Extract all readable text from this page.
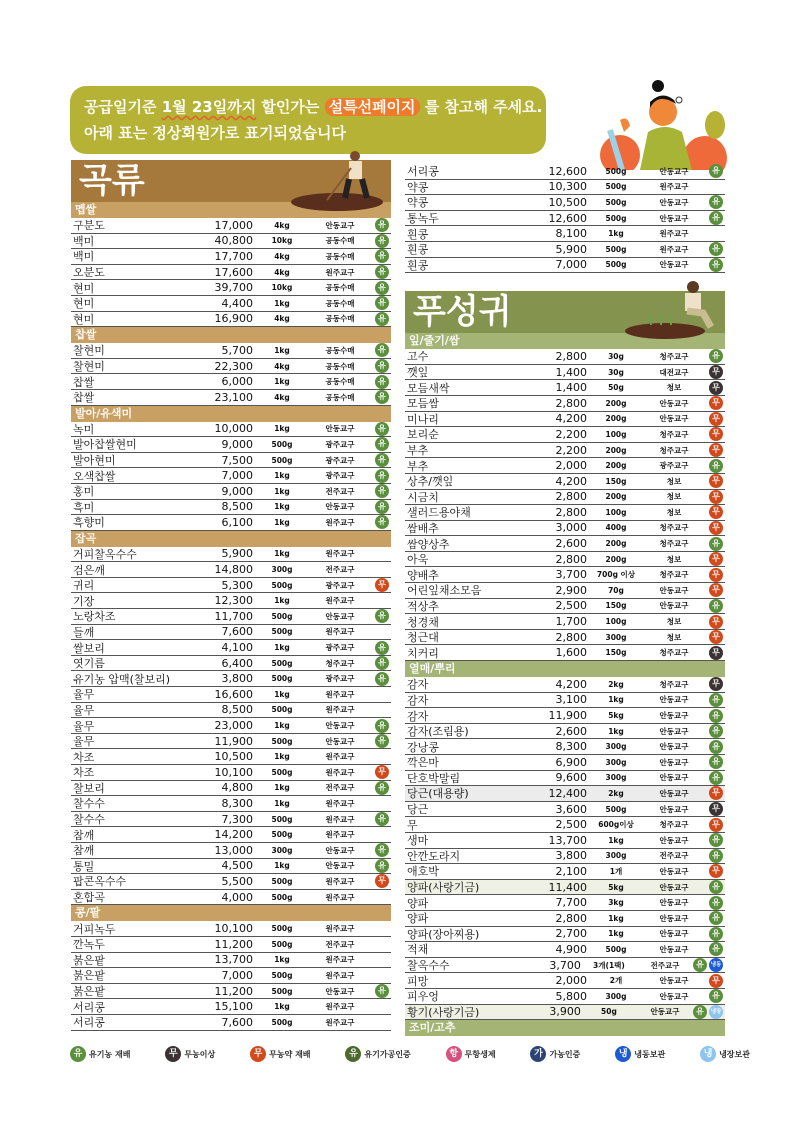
공급일기준 1월 23일까지 할인가는 설특선페이지 를 참고해 주세요.
아래 표는 정상회원가로 표기되었습니다
곡류
멥쌀
구분도	17,000	4kg	안동교구	유
백미	40,800	10kg	공동수매	유
백미	17,700	4kg	공동수매	유
오분도	17,600	4kg	원주교구	유
현미	39,700	10kg	공동수매	유
현미	4,400	1kg	공동수매	유
현미	16,900	4kg	공동수매	유
찹쌀
찰현미	5,700	1kg	공동수매	유
찰현미	22,300	4kg	공동수매	유
찹쌀	6,000	1kg	공동수매	유
찹쌀	23,100	4kg	공동수매	유
발아/유색미
녹미	10,000	1kg	안동교구	유
발아찹쌀현미	9,000	500g	광주교구	유
발아현미	7,500	500g	광주교구	유
오색찹쌀	7,000	1kg	광주교구	유
홍미	9,000	1kg	전주교구	유
흑미	8,500	1kg	안동교구	유
흑향미	6,100	1kg	원주교구	유
잡곡
거피찰옥수수	5,900	1kg	원주교구
검은깨	14,800	300g	전주교구
귀리	5,300	500g	광주교구	무
기장	12,300	1kg	원주교구
노랑차조	11,700	500g	안동교구	유
들깨	7,600	500g	원주교구
쌀보리	4,100	1kg	광주교구	유
엿기름	6,400	500g	청주교구	유
유기농 압맥(찰보리)	3,800	500g	광주교구	유
율무	16,600	1kg	원주교구
율무	8,500	500g	원주교구
율무	23,000	1kg	안동교구	유
율무	11,900	500g	안동교구	유
차조	10,500	1kg	원주교구
차조	10,100	500g	원주교구	무
찰보리	4,800	1kg	전주교구	유
찰수수	8,300	1kg	원주교구
찰수수	7,300	500g	원주교구	유
참깨	14,200	500g	원주교구
참깨	13,000	300g	안동교구	유
통밀	4,500	1kg	안동교구	유
팝콘옥수수	5,500	500g	원주교구	무
혼합곡	4,000	500g	원주교구
콩/팥
거피녹두	10,100	500g	원주교구
깐녹두	11,200	500g	전주교구
붉은팥	13,700	1kg	원주교구
붉은팥	7,000	500g	원주교구
붉은팥	11,200	500g	안동교구	유
서리콩	15,100	1kg	원주교구
서리콩	7,600	500g	원주교구
서리콩	12,600	500g	안동교구	유
약콩	10,300	500g	원주교구
약콩	10,500	500g	안동교구	유
통녹두	12,600	500g	안동교구	유
흰콩	8,100	1kg	원주교구
흰콩	5,900	500g	원주교구	유
흰콩	7,000	500g	안동교구	유
푸성귀
잎/줄기/쌈
고수	2,800	30g	청주교구	유
깻잎	1,400	30g	대전교구	무
모듬새싹	1,400	50g	청보	무
모듬쌈	2,800	200g	안동교구	무
미나리	4,200	200g	안동교구	무
보리순	2,200	100g	청주교구	무
부추	2,200	200g	청주교구	무
부추	2,000	200g	광주교구	유
상추/깻잎	4,200	150g	청보	무
시금치	2,800	200g	청보	무
샐러드용야채	2,800	100g	청보	무
쌈배추	3,000	400g	청주교구	무
쌈양상추	2,600	200g	청주교구	유
아욱	2,800	200g	청보	무
양배추	3,700	700g 이상	청주교구	무
어린잎채소모음	2,900	70g	안동교구	무
적상추	2,500	150g	안동교구	유
청경채	1,700	100g	청보	무
청근대	2,800	300g	청보	무
치커리	1,600	150g	청주교구	무
열매/뿌리
감자	4,200	2kg	청주교구	무
감자	3,100	1kg	안동교구	유
감자	11,900	5kg	안동교구	유
감자(조림용)	2,600	1kg	안동교구	유
강낭콩	8,300	300g	안동교구	유
깍은마	6,900	300g	안동교구	유
단호박말림	9,600	300g	안동교구	유
당근(대용량)	12,400	2kg	안동교구	무
당근	3,600	500g	안동교구	무
무	2,500	600g이상	청주교구	무
생마	13,700	1kg	안동교구	유
안깐도라지	3,800	300g	전주교구	유
애호박	2,100	1개	안동교구	무
양파(사랑기금)	11,400	5kg	안동교구	유
양파	7,700	3kg	안동교구	유
양파	2,800	1kg	안동교구	유
양파(장아찌용)	2,700	1kg	안동교구	유
적채	4,900	500g	안동교구	유
찰옥수수	3,700	3개(1팩)	전주교구	유	냉동
피망	2,000	2개	안동교구	무
피우엉	5,800	300g	안동교구	유
황기(사랑기금)	3,900	50g	안동교구	유	냉장
조미/고추
유 유기농 재배	무 무농이상	무 무농약 재배	유가
유기가공인증	항 무항생제	가 가농인증	냉동
냉동보관	냉장
냉장보관
